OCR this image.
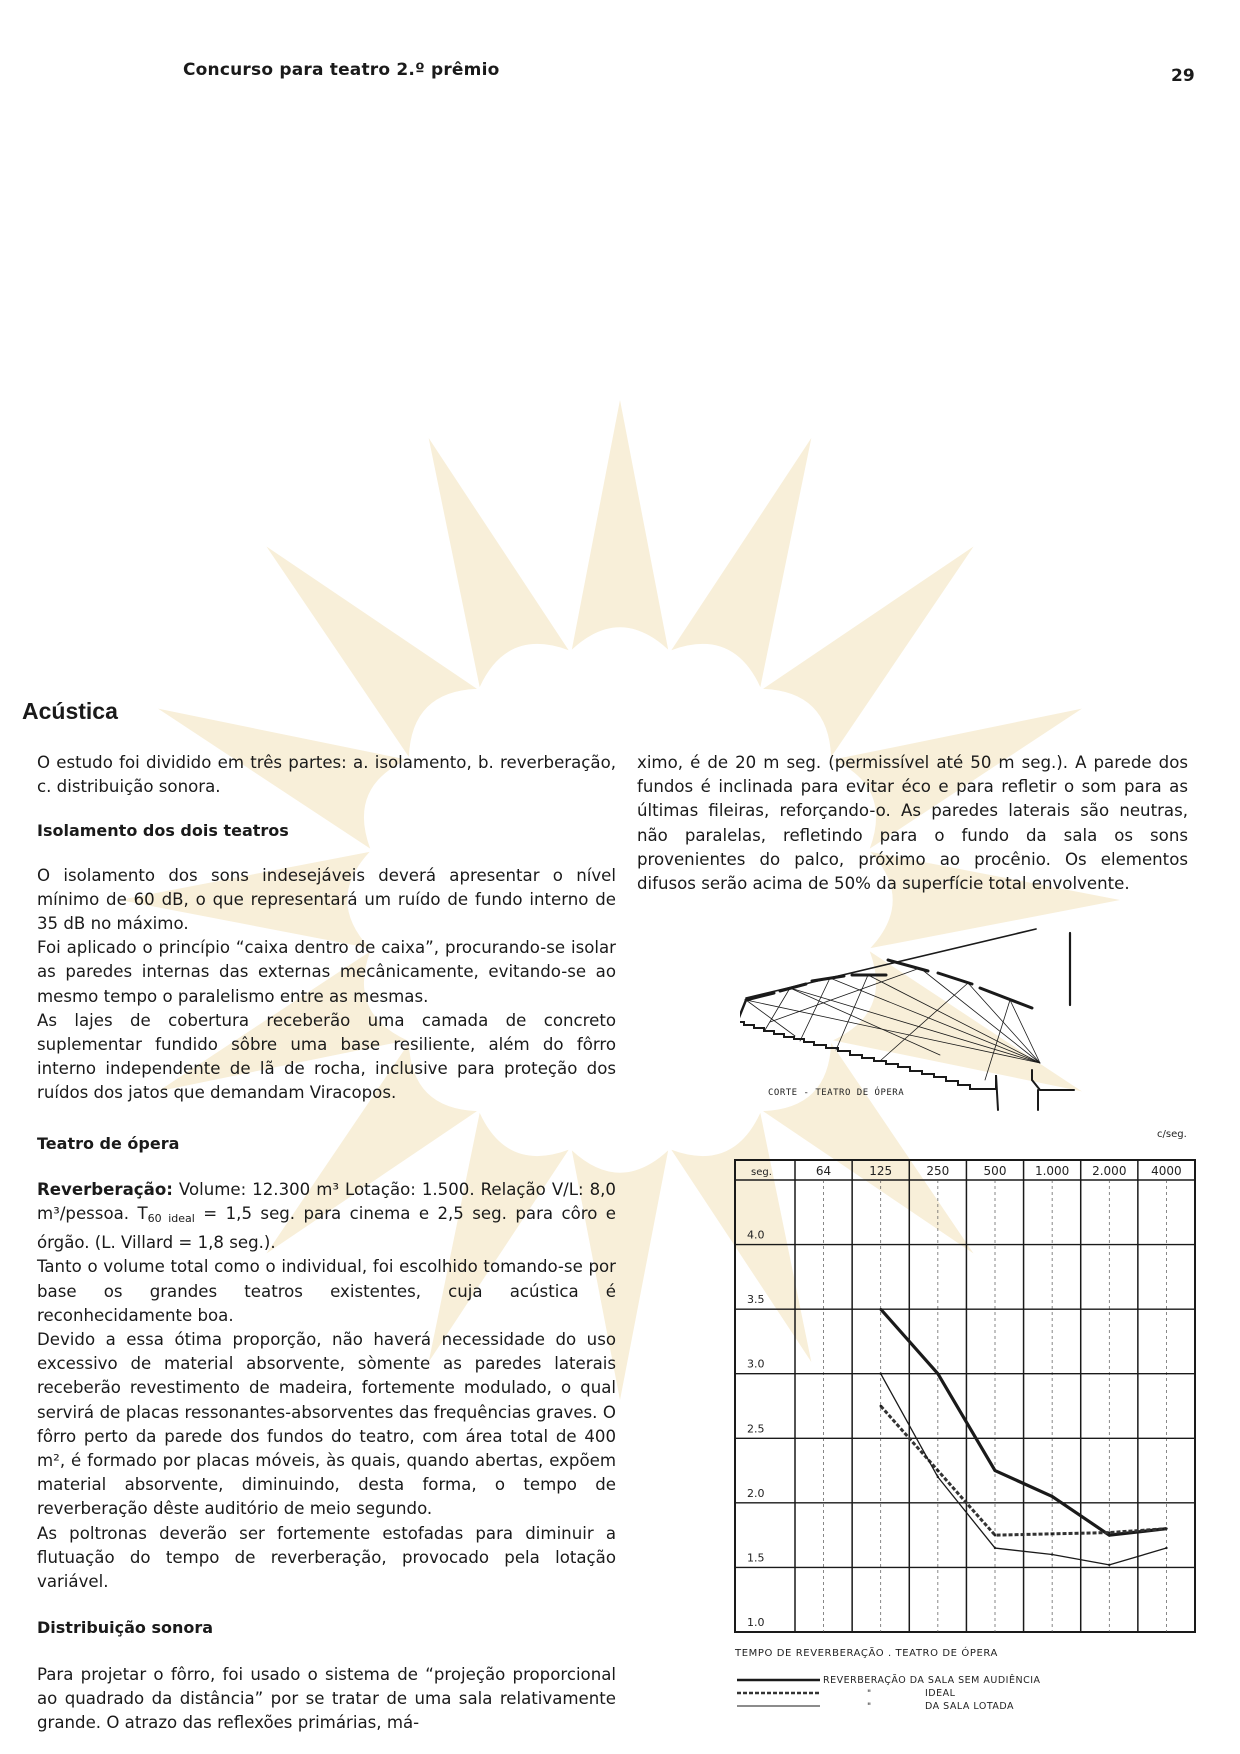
Concurso para teatro 2.º prêmio	29
Acústica

O estudo foi dividido em três partes: a. isolamento, b. reverberação, c. distribuição sonora.

Isolamento dos dois teatros

O isolamento dos sons indesejáveis deverá apresentar o nível mínimo de 60 dB, o que representará um ruído de fundo interno de 35 dB no máximo.

Foi aplicado o princípio “caixa dentro de caixa”, procurando-se isolar as paredes internas das externas mecânicamente, evitando-se ao mesmo tempo o paralelismo entre as mesmas.

As lajes de cobertura receberão uma camada de concreto suplementar fundido sôbre uma base resiliente, além do fôrro interno independente de lã de rocha, inclusive para proteção dos ruídos dos jatos que demandam Viracopos.

Teatro de ópera

Reverberação: Volume: 12.300 m³ Lotação: 1.500. Relação V/L: 8,0 m³/pessoa. $T_{60 ideal} = 1,5$ seg. para cinema e 2,5 seg. para côro e órgão. (L. Villard = 1,8 seg.).

Tanto o volume total como o individual, foi escolhido tomando-se por base os grandes teatros existentes, cuja acústica é reconhecidamente boa.

Devido a essa ótima proporção, não haverá necessidade do uso excessivo de material absorvente, sòmente as paredes laterais receberão revestimento de madeira, fortemente modulado, o qual servirá de placas ressonantes-absorventes das frequências graves. O fôrro perto da parede dos fundos do teatro, com área total de 400 m², é formado por placas móveis, às quais, quando abertas, expõem material absorvente, diminuindo, desta forma, o tempo de reverberação dêste auditório de meio segundo.

As poltronas deverão ser fortemente estofadas para diminuir a flutuação do tempo de reverberação, provocado pela lotação variável.

Distribuição sonora

Para projetar o fôrro, foi usado o sistema de “projeção proporcional ao quadrado da distância” por se tratar de uma sala relativamente grande. O atrazo das reflexões primárias, má-

ximo, é de 20 m seg. (permissível até 50 m seg.). A parede dos fundos é inclinada para evitar éco e para refletir o som para as últimas fileiras, reforçando-o. As paredes laterais são neutras, não paralelas, refletindo para o fundo da sala os sons provenientes do palco, próximo ao procênio. Os elementos difusos serão acima de 50% da superfície total envolvente.

CORTE - TEATRO DE ÓPERA
c/seg.
seg.	64	125	250	500 1.000 2.000 4000
4.0
3.5
3.0
2.5
2.0
1.5
1.0
TEMPO DE REVERBERAÇÃO . TEATRO DE ÓPERA
REVERBERAÇÃO DA SALA SEM AUDIÊNCIA
"	IDEAL
"	DA SALA LOTADA
